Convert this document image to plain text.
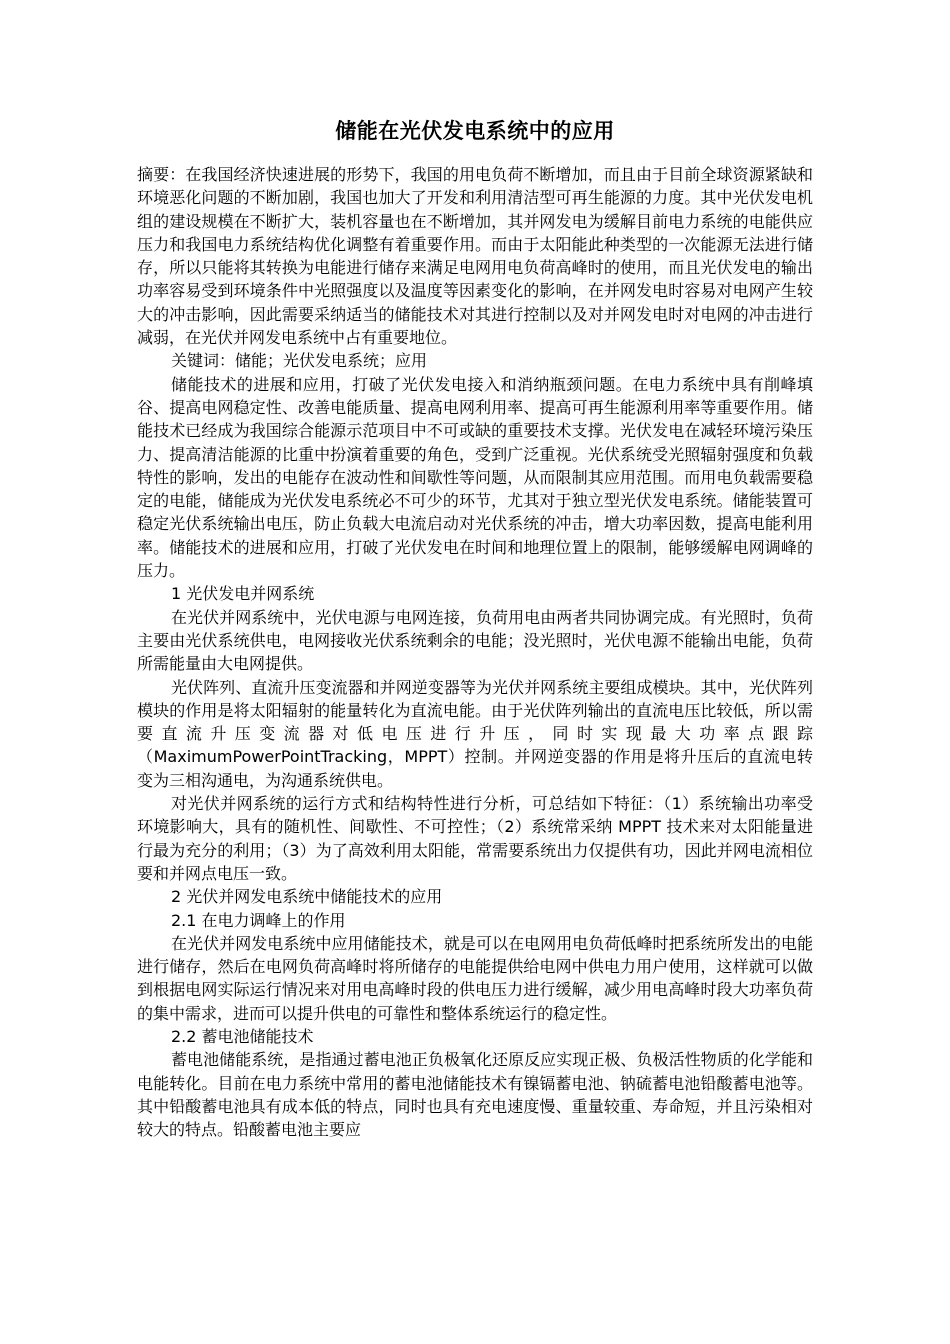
储能在光伏发电系统中的应用

摘要：在我国经济快速进展的形势下，我国的用电负荷不断增加，而且由于目前全球资源紧缺和环境恶化问题的不断加剧，我国也加大了开发和利用清洁型可再生能源的力度。其中光伏发电机组的建设规模在不断扩大，装机容量也在不断增加，其并网发电为缓解目前电力系统的电能供应压力和我国电力系统结构优化调整有着重要作用。而由于太阳能此种类型的一次能源无法进行储存，所以只能将其转换为电能进行储存来满足电网用电负荷高峰时的使用，而且光伏发电的输出功率容易受到环境条件中光照强度以及温度等因素变化的影响，在并网发电时容易对电网产生较大的冲击影响，因此需要采纳适当的储能技术对其进行控制以及对并网发电时对电网的冲击进行减弱，在光伏并网发电系统中占有重要地位。

关键词：储能；光伏发电系统；应用

储能技术的进展和应用，打破了光伏发电接入和消纳瓶颈问题。在电力系统中具有削峰填谷、提高电网稳定性、改善电能质量、提高电网利用率、提高可再生能源利用率等重要作用。储能技术已经成为我国综合能源示范项目中不可或缺的重要技术支撑。光伏发电在减轻环境污染压力、提高清洁能源的比重中扮演着重要的角色，受到广泛重视。光伏系统受光照辐射强度和负载特性的影响，发出的电能存在波动性和间歇性等问题，从而限制其应用范围。而用电负载需要稳定的电能，储能成为光伏发电系统必不可少的环节，尤其对于独立型光伏发电系统。储能装置可稳定光伏系统输出电压，防止负载大电流启动对光伏系统的冲击，增大功率因数，提高电能利用率。储能技术的进展和应用，打破了光伏发电在时间和地理位置上的限制，能够缓解电网调峰的压力。

1 光伏发电并网系统

在光伏并网系统中，光伏电源与电网连接，负荷用电由两者共同协调完成。有光照时，负荷主要由光伏系统供电，电网接收光伏系统剩余的电能；没光照时，光伏电源不能输出电能，负荷所需能量由大电网提供。

光伏阵列、直流升压变流器和并网逆变器等为光伏并网系统主要组成模块。其中，光伏阵列模块的作用是将太阳辐射的能量转化为直流电能。由于光伏阵列输出的直流电压比较低，所以需要直流升压变流器对低电压进行升压，同时实现最大功率点跟踪（MaximumPowerPointTracking，MPPT）控制。并网逆变器的作用是将升压后的直流电转变为三相沟通电，为沟通系统供电。

对光伏并网系统的运行方式和结构特性进行分析，可总结如下特征：（1）系统输出功率受环境影响大，具有的随机性、间歇性、不可控性；（2）系统常采纳 MPPT 技术来对太阳能量进行最为充分的利用；（3）为了高效利用太阳能，常需要系统出力仅提供有功，因此并网电流相位要和并网点电压一致。

2 光伏并网发电系统中储能技术的应用

2.1 在电力调峰上的作用

在光伏并网发电系统中应用储能技术，就是可以在电网用电负荷低峰时把系统所发出的电能进行储存，然后在电网负荷高峰时将所储存的电能提供给电网中供电力用户使用，这样就可以做到根据电网实际运行情况来对用电高峰时段的供电压力进行缓解，减少用电高峰时段大功率负荷的集中需求，进而可以提升供电的可靠性和整体系统运行的稳定性。

2.2 蓄电池储能技术

蓄电池储能系统，是指通过蓄电池正负极氧化还原反应实现正极、负极活性物质的化学能和电能转化。目前在电力系统中常用的蓄电池储能技术有镍镉蓄电池、钠硫蓄电池铅酸蓄电池等。其中铅酸蓄电池具有成本低的特点，同时也具有充电速度慢、重量较重、寿命短，并且污染相对较大的特点。铅酸蓄电池主要应
